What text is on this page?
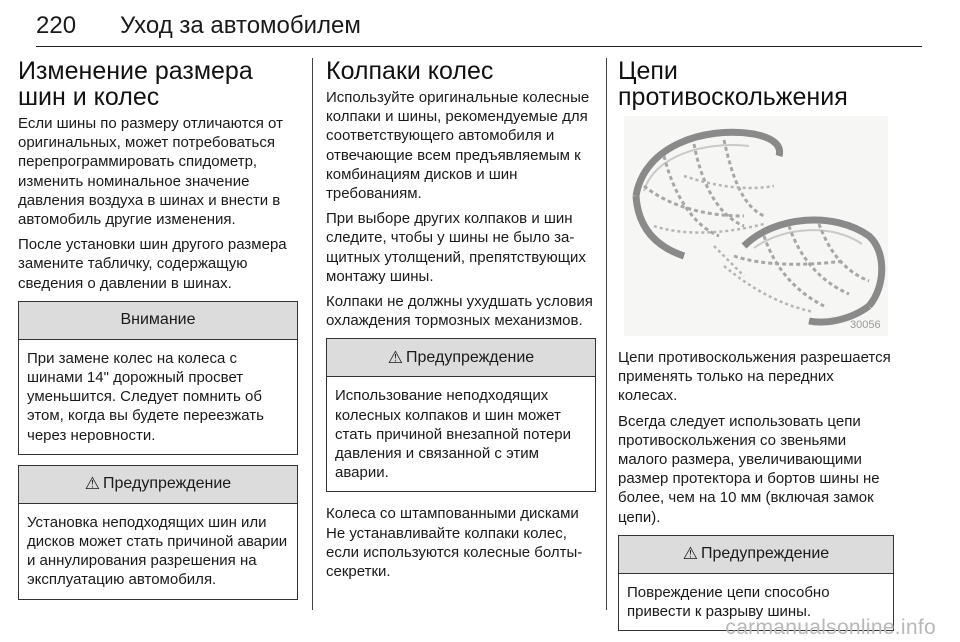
220 Уход за автомобилем
Изменение размера шин и колес

Если шины по размеру отличаются от оригинальных, может потребоваться перепрограммировать спидометр, изменить номинальное значение давления воздуха в шинах и внести в автомобиль другие изменения.

После установки шин другого размера замените табличку, содержащую сведения о давлении в шинах.

Внимание
При замене колес на колеса с шинами 14" дорожный просвет уменьшится. Следует помнить об этом, когда вы будете переезжать через неровности.
⚠ Предупреждение
Установка неподходящих шин или дисков может стать причиной аварии и аннулирования разрешения на эксплуатацию автомобиля.
Колпаки колес

Используйте оригинальные колесные колпаки и шины, рекомендуемые для соответствующего автомобиля и отвечающие всем предъявляемым к комбинациям дисков и шин требованиям.

При выборе других колпаков и шин следите, чтобы у шины не было защитных утолщений, препятствующих монтажу шины.

Колпаки не должны ухудшать условия охлаждения тормозных механизмов.

⚠ Предупреждение
Использование неподходящих колесных колпаков и шин может стать причиной внезапной потери давления и связанной с этим аварии.

Колеса со штампованными дисками Не устанавливайте колпаки колес, если используются колесные болты-секретки.

Цепи противоскольжения
30056

Цепи противоскольжения разрешается применять только на передних колесах.

Всегда следует использовать цепи противоскольжения со звеньями малого размера, увеличивающими размер протектора и бортов шины не более, чем на 10 мм (включая замок цепи).

⚠ Предупреждение
Повреждение цепи способно привести к разрыву шины.
carmanualsonline.info
